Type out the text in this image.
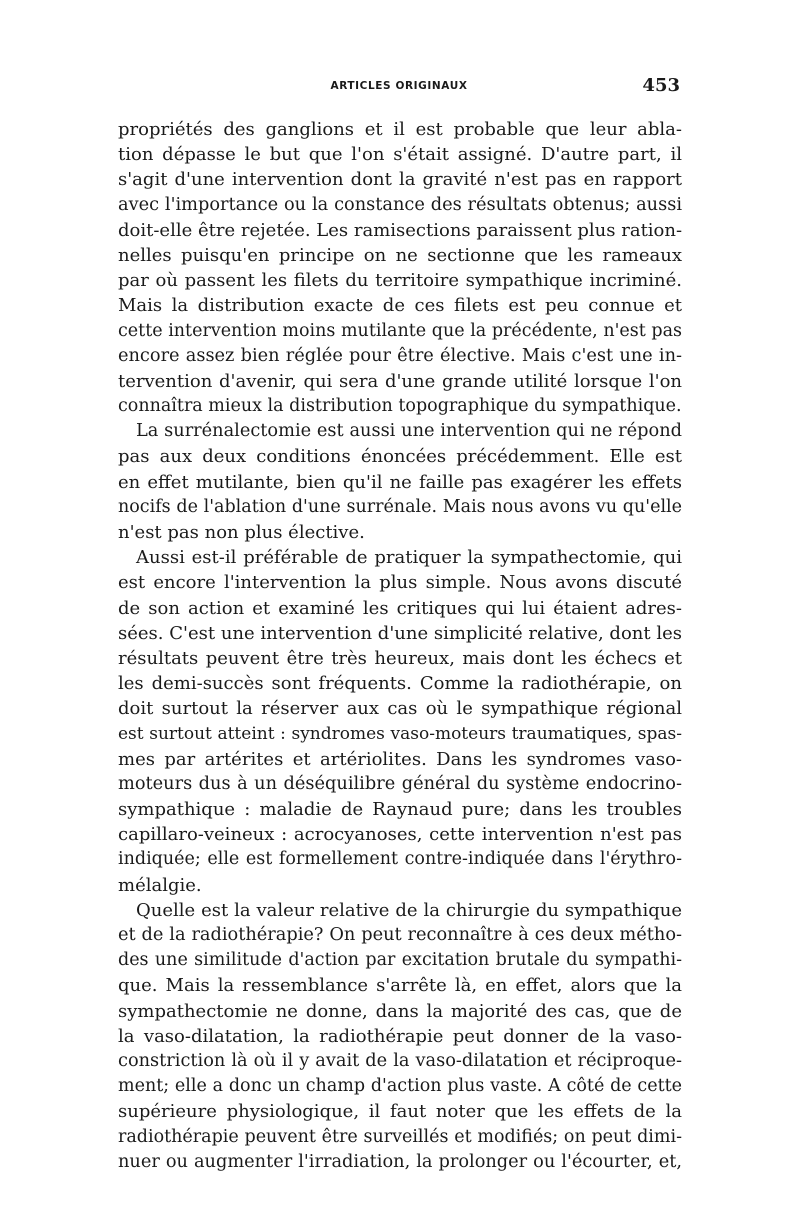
ARTICLES ORIGINAUX	453
propriétés des ganglions et il est probable que leur abla-
tion dépasse le but que l'on s'était assigné. D'autre part, il
s'agit d'une intervention dont la gravité n'est pas en rapport
avec l'importance ou la constance des résultats obtenus; aussi
doit-elle être rejetée. Les ramisections paraissent plus ration-
nelles puisqu'en principe on ne sectionne que les rameaux
par où passent les filets du territoire sympathique incriminé.
Mais la distribution exacte de ces filets est peu connue et
cette intervention moins mutilante que la précédente, n'est pas
encore assez bien réglée pour être élective. Mais c'est une in-
tervention d'avenir, qui sera d'une grande utilité lorsque l'on
connaîtra mieux la distribution topographique du sympathique.
La surrénalectomie est aussi une intervention qui ne répond
pas aux deux conditions énoncées précédemment. Elle est
en effet mutilante, bien qu'il ne faille pas exagérer les effets
nocifs de l'ablation d'une surrénale. Mais nous avons vu qu'elle
n'est pas non plus élective.
Aussi est-il préférable de pratiquer la sympathectomie, qui
est encore l'intervention la plus simple. Nous avons discuté
de son action et examiné les critiques qui lui étaient adres-
sées. C'est une intervention d'une simplicité relative, dont les
résultats peuvent être très heureux, mais dont les échecs et
les demi-succès sont fréquents. Comme la radiothérapie, on
doit surtout la réserver aux cas où le sympathique régional
est surtout atteint : syndromes vaso-moteurs traumatiques, spas-
mes par artérites et artériolites. Dans les syndromes vaso-
moteurs dus à un déséquilibre général du système endocrino-
sympathique : maladie de Raynaud pure; dans les troubles
capillaro-veineux : acrocyanoses, cette intervention n'est pas
indiquée; elle est formellement contre-indiquée dans l'érythro-
mélalgie.
Quelle est la valeur relative de la chirurgie du sympathique
et de la radiothérapie? On peut reconnaître à ces deux métho-
des une similitude d'action par excitation brutale du sympathi-
que. Mais la ressemblance s'arrête là, en effet, alors que la
sympathectomie ne donne, dans la majorité des cas, que de
la vaso-dilatation, la radiothérapie peut donner de la vaso-
constriction là où il y avait de la vaso-dilatation et réciproque-
ment; elle a donc un champ d'action plus vaste. A côté de cette
supérieure physiologique, il faut noter que les effets de la
radiothérapie peuvent être surveillés et modifiés; on peut dimi-
nuer ou augmenter l'irradiation, la prolonger ou l'écourter, et,
